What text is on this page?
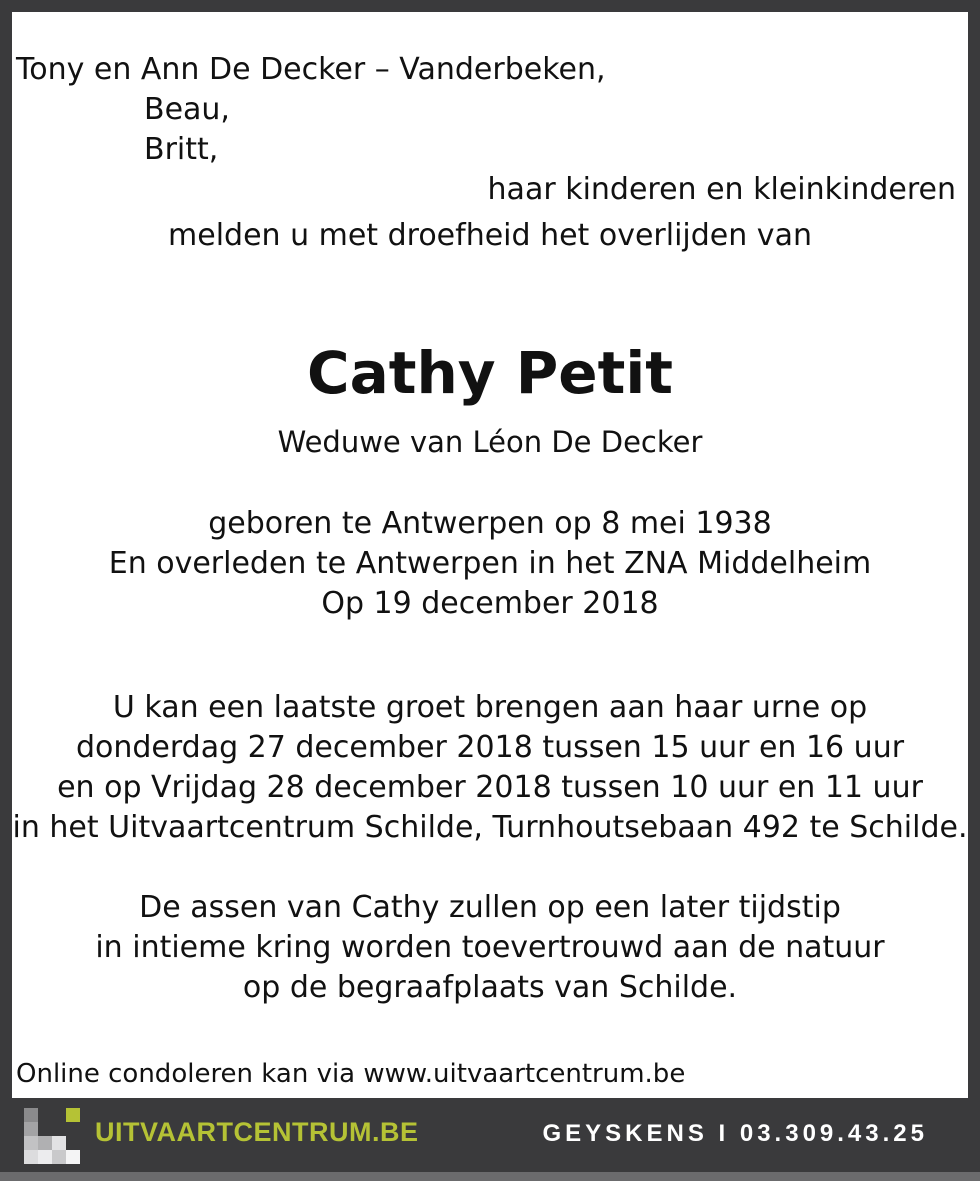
Tony en Ann De Decker – Vanderbeken,
Beau,
Britt,
haar kinderen en kleinkinderen
melden u met droefheid het overlijden van
Cathy Petit
Weduwe van Léon De Decker
geboren te Antwerpen op 8 mei 1938
En overleden te Antwerpen in het ZNA Middelheim
Op 19 december 2018
U kan een laatste groet brengen aan haar urne op
donderdag 27 december 2018 tussen 15 uur en 16 uur
en op Vrijdag 28 december 2018 tussen 10 uur en 11 uur
in het Uitvaartcentrum Schilde, Turnhoutsebaan 492 te Schilde.
De assen van Cathy zullen op een later tijdstip
in intieme kring worden toevertrouwd aan de natuur
op de begraafplaats van Schilde.
Online condoleren kan via www.uitvaartcentrum.be
UITVAARTCENTRUM.BE	GEYSKENS I 03.309.43.25
